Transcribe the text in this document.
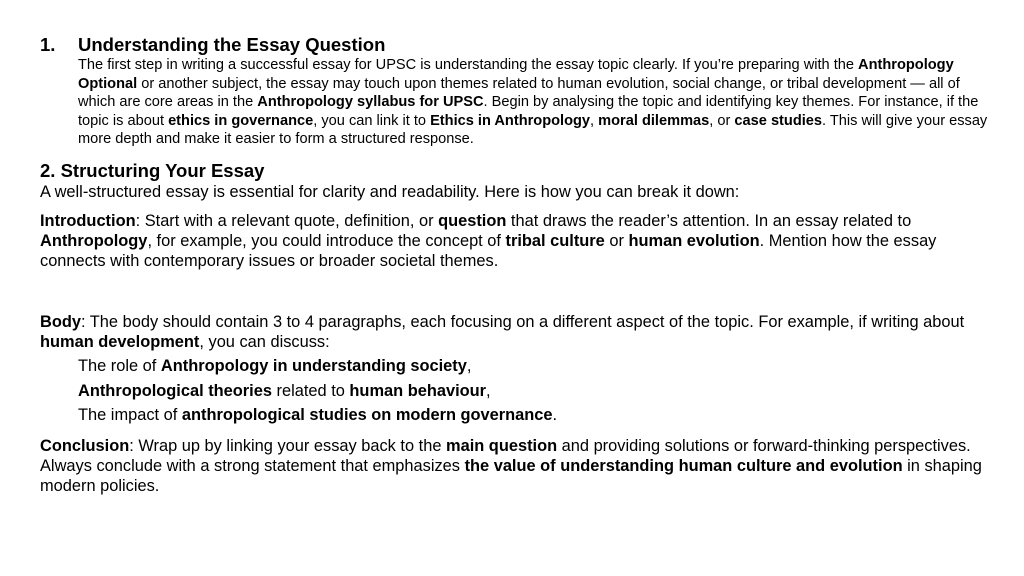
1.	Understanding the Essay Question
The first step in writing a successful essay for UPSC is understanding the essay topic clearly. If you’re preparing with the Anthropology Optional or another subject, the essay may touch upon themes related to human evolution, social change, or tribal development — all of which are core areas in the Anthropology syllabus for UPSC. Begin by analysing the topic and identifying key themes. For instance, if the topic is about ethics in governance, you can link it to Ethics in Anthropology, moral dilemmas, or case studies. This will give your essay more depth and make it easier to form a structured response.
2. Structuring Your Essay
A well-structured essay is essential for clarity and readability. Here is how you can break it down:
Introduction: Start with a relevant quote, definition, or question that draws the reader’s attention. In an essay related to Anthropology, for example, you could introduce the concept of tribal culture or human evolution. Mention how the essay connects with contemporary issues or broader societal themes.
Body: The body should contain 3 to 4 paragraphs, each focusing on a different aspect of the topic. For example, if writing about human development, you can discuss:
The role of Anthropology in understanding society,
Anthropological theories related to human behaviour,
The impact of anthropological studies on modern governance.
Conclusion: Wrap up by linking your essay back to the main question and providing solutions or forward-thinking perspectives. Always conclude with a strong statement that emphasizes the value of understanding human culture and evolution in shaping modern policies.
